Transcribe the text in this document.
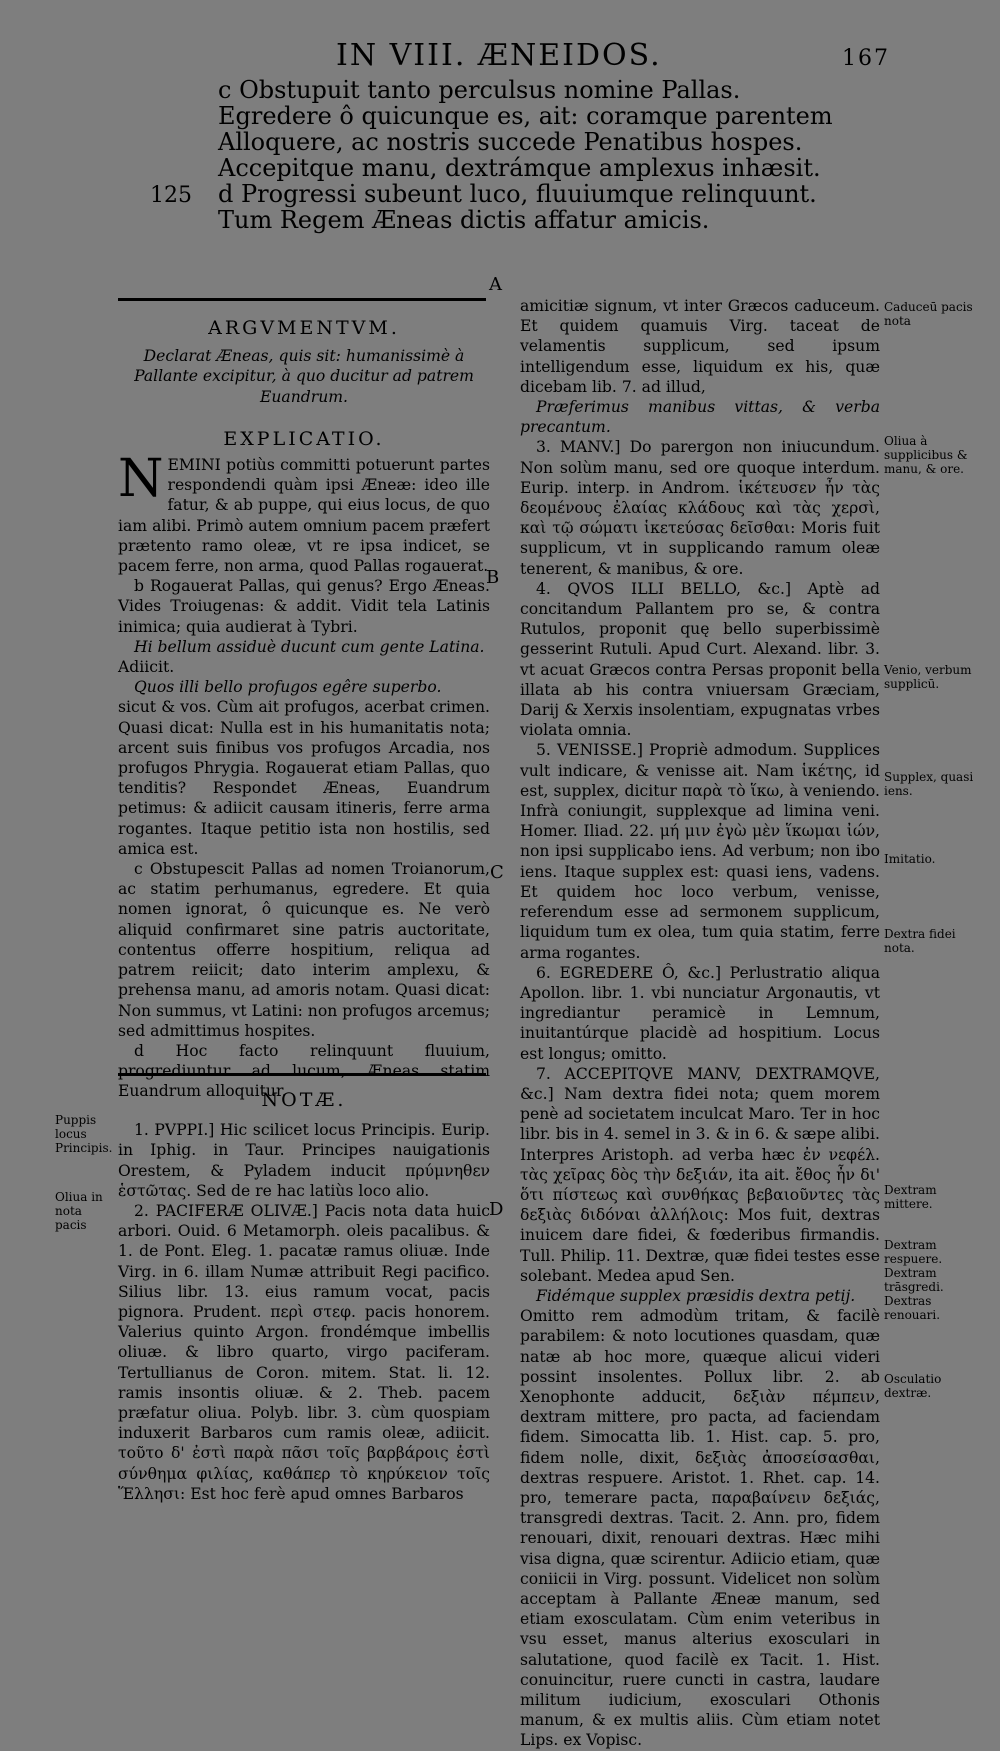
IN VIII. ÆNEIDOS.	167
c Obstupuit tanto perculsus nomine Pallas.
Egredere ô quicunque es, ait: coramque parentem
Alloquere, ac nostris succede Penatibus hospes.
Accepitque manu, dextrámque amplexus inhæsit.
d Progressi subeunt luco, fluuiumque relinquunt.
Tum Regem Æneas dictis affatur amicis.
125
A
B
C
D
ARGVMENTVM.

Declarat Æneas, quis sit: humanissimè à Pallante excipitur, à quo ducitur ad patrem Euandrum.

EXPLICATIO.

NEMINI potiùs committi potuerunt partes respondendi quàm ipsi Æneæ: ideo ille fatur, & ab puppe, qui eius locus, de quo iam alibi. Primò autem omnium pacem præfert prætento ramo oleæ, vt re ipsa indicet, se pacem ferre, non arma, quod Pallas rogauerat.

b Rogauerat Pallas, qui genus? Ergo Æneas. Vides Troiugenas: & addit. Vidit tela Latinis inimica; quia audierat à Tybri.

Hi bellum assiduè ducunt cum gente Latina.

Adiicit.

Quos illi bello profugos egêre superbo.

sicut & vos. Cùm ait profugos, acerbat crimen. Quasi dicat: Nulla est in his humanitatis nota; arcent suis finibus vos profugos Arcadia, nos profugos Phrygia. Rogauerat etiam Pallas, quo tenditis? Respondet Æneas, Euandrum petimus: & adiicit causam itineris, ferre arma rogantes. Itaque petitio ista non hostilis, sed amica est.

c Obstupescit Pallas ad nomen Troianorum, ac statim perhumanus, egredere. Et quia nomen ignorat, ô quicunque es. Ne verò aliquid confirmaret sine patris auctoritate, contentus offerre hospitium, reliqua ad patrem reiicit; dato interim amplexu, & prehensa manu, ad amoris notam. Quasi dicat: Non summus, vt Latini: non profugos arcemus; sed admittimus hospites.

d Hoc facto relinquunt fluuium, progrediuntur ad lucum, Æneas statim Euandrum alloquitur.

NOTÆ.

1. PVPPI.] Hic scilicet locus Principis. Eurip. in Iphig. in Taur. Principes nauigationis Orestem, & Pyladem inducit πρύμνηθεν ἑστῶτας. Sed de re hac latiùs loco alio.

2. PACIFERÆ OLIVÆ.] Pacis nota data huic arbori. Ouid. 6 Metamorph. oleis pacalibus. & 1. de Pont. Eleg. 1. pacatæ ramus oliuæ. Inde Virg. in 6. illam Numæ attribuit Regi pacifico. Silius libr. 13. eius ramum vocat, pacis pignora. Prudent. περὶ στεφ. pacis honorem. Valerius quinto Argon. frondémque imbellis oliuæ. & libro quarto, virgo paciferam. Tertullianus de Coron. mitem. Stat. li. 12. ramis insontis oliuæ. & 2. Theb. pacem præfatur oliua. Polyb. libr. 3. cùm quospiam induxerit Barbaros cum ramis oleæ, adiicit. τοῦτο δ' ἐστὶ παρὰ πᾶσι τοῖς βαρβάροις ἐστὶ σύνθημα φιλίας, καθάπερ τὸ κηρύκειον τοῖς Ἕλλησι: Est hoc ferè apud omnes Barbaros

Puppis locus Principis.
Oliua in nota pacis

amicitiæ signum, vt inter Græcos caduceum. Et quidem quamuis Virg. taceat de velamentis supplicum, sed ipsum intelligendum esse, liquidum ex his, quæ dicebam lib. 7. ad illud,

Præferimus manibus vittas, & verba precantum.

3. MANV.] Do parergon non iniucundum. Non solùm manu, sed ore quoque interdum. Eurip. interp. in Androm. ἱκέτευσεν ἦν τὰς δεομένους ἐλαίας κλάδους καὶ τὰς χερσὶ, καὶ τῷ σώματι ἱκετεύσας δεῖσθαι: Moris fuit supplicum, vt in supplicando ramum oleæ tenerent, & manibus, & ore.

4. QVOS ILLI BELLO, &c.] Aptè ad concitandum Pallantem pro se, & contra Rutulos, proponit quę bello superbissimè gesserint Rutuli. Apud Curt. Alexand. libr. 3. vt acuat Græcos contra Persas proponit bella illata ab his contra vniuersam Græciam, Darij & Xerxis insolentiam, expugnatas vrbes violata omnia.

5. VENISSE.] Propriè admodum. Supplices vult indicare, & venisse ait. Nam ἱκέτης, id est, supplex, dicitur παρὰ τὸ ἵκω, à veniendo. Infrà coniungit, supplexque ad limina veni. Homer. Iliad. 22. μή μιν ἐγὼ μὲν ἵκωμαι ἰών, non ipsi supplicabo iens. Ad verbum; non ibo iens. Itaque supplex est: quasi iens, vadens. Et quidem hoc loco verbum, venisse, referendum esse ad sermonem supplicum, liquidum tum ex olea, tum quia statim, ferre arma rogantes.

6. EGREDERE Ô, &c.] Perlustratio aliqua Apollon. libr. 1. vbi nunciatur Argonautis, vt ingrediantur peramicè in Lemnum, inuitantúrque placidè ad hospitium. Locus est longus; omitto.

7. ACCEPITQVE MANV, DEXTRAMQVE, &c.] Nam dextra fidei nota; quem morem penè ad societatem inculcat Maro. Ter in hoc libr. bis in 4. semel in 3. & in 6. & sæpe alibi. Interpres Aristoph. ad verba hæc ἐν νεφέλ. τὰς χεῖρας δὸς τὴν δεξιάν, ita ait. ἔθος ἦν δι' ὅτι πίστεως καὶ συνθήκας βεβαιοῦντες τὰς δεξιὰς διδόναι ἀλλήλοις: Mos fuit, dextras inuicem dare fidei, & fœderibus firmandis. Tull. Philip. 11. Dextræ, quæ fidei testes esse solebant. Medea apud Sen.

Fidémque supplex præsidis dextra petij.

Omitto rem admodùm tritam, & facilè parabilem: & noto locutiones quasdam, quæ natæ ab hoc more, quæque alicui videri possint insolentes. Pollux libr. 2. ab Xenophonte adducit, δεξιὰν πέμπειν, dextram mittere, pro pacta, ad faciendam fidem. Simocatta lib. 1. Hist. cap. 5. pro, fidem nolle, dixit, δεξιὰς ἀποσείσασθαι, dextras respuere. Aristot. 1. Rhet. cap. 14. pro, temerare pacta, παραβαίνειν δεξιάς, transgredi dextras. Tacit. 2. Ann. pro, fidem renouari, dixit, renouari dextras. Hæc mihi visa digna, quæ scirentur. Adiicio etiam, quæ coniicii in Virg. possunt. Videlicet non solùm acceptam à Pallante Æneæ manum, sed etiam exosculatam. Cùm enim veteribus in vsu esset, manus alterius exosculari in salutatione, quod facilè ex Tacit. 1. Hist. conuincitur, ruere cuncti in castra, laudare militum iudicium, exosculari Othonis manum, & ex multis aliis. Cùm etiam notet Lips. ex Vopisc.

Caduceū pacis nota
Oliua à supplicibus & manu, & ore.
Venio, verbum supplicū.
Supplex, quasi iens.
Imitatio.
Dextra fidei nota.
Dextram mittere.
Dextram respuere. Dextram trāsgredi. Dextras renouari.
Osculatio dextræ.
